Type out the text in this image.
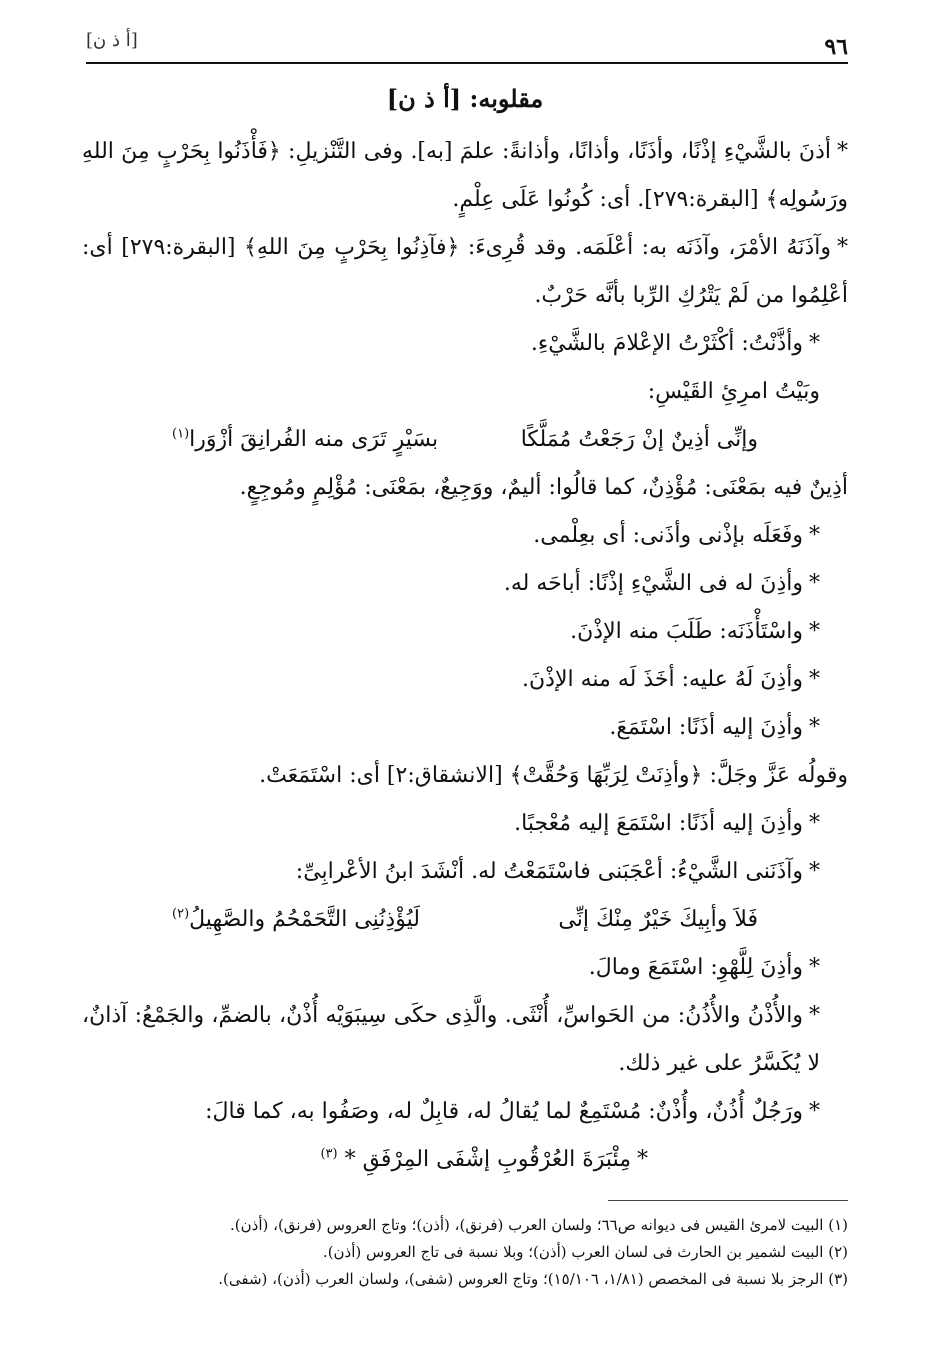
٩٦
[أ ذ ن]
مقلوبه: [أ ذ ن]

*أذنَ بالشَّيْءِ إذْنًا، وأذَنًا، وأذانًا، وأذانةً: علمَ [به]. وفى التَّنْزيلِ: ﴿فَأْذَنُوا بِحَرْبٍ مِنَ اللهِ ورَسُولِه﴾ [البقرة:٢٧٩]. أى: كُونُوا عَلَى عِلْمٍ.

*وآذَنَهُ الأمْرَ، وآذَنَه به: أعْلَمَه. وقد قُرِىءَ: ﴿فآذِنُوا بِحَرْبٍ مِنَ اللهِ﴾ [البقرة:٢٧٩] أى: أعْلِمُوا من لَمْ يَتْرُكِ الرِّبا بأنَّه حَرْبٌ.

*وأذَّنْتُ: أكْثَرْتُ الإعْلامَ بالشَّيْءِ.

وبَيْتُ امرِئِ القَيْسِ:

وإنِّى أذِينٌ إنْ رَجَعْتُ مُمَلَّكًا
بسَيْرٍ تَرَى منه الفُرانِقَ أزْوَرا$^{(١)}$

أذِينٌ فيه بمَعْنَى: مُؤْذِنٌ، كما قالُوا: أليمٌ، ووَجِيعٌ، بمَعْنَى: مُؤْلِمٍ ومُوجِعٍ.

*وفَعَلَه بإذْنى وأذَنى: أى بعِلْمى.

*وأذِنَ له فى الشَّيْءِ إذْنًا: أباحَه له.

*واسْتَأْذَنَه: طَلَبَ منه الإذْنَ.

*وأذِنَ لَهُ عليه: أخَذَ لَه منه الإذْنَ.

*وأذِنَ إليه أذَنًا: اسْتَمَعَ.

وقولُه عَزَّ وجَلَّ: ﴿وأذِنَتْ لِرَبِّهَا وَحُقَّتْ﴾ [الانشقاق:٢] أى: اسْتَمَعَتْ.

*وأذِنَ إليه أذَنًا: اسْتَمَعَ إليه مُعْجبًا.

*وآذَنَنى الشَّيْءُ: أعْجَبَنى فاسْتَمَعْتُ له. أنْشَدَ ابنُ الأعْرابِىِّ:

فَلاَ وأبِيكَ خَيْرٌ مِنْكَ إنِّى
لَيُؤْذِنُنِى التَّحَمْحُمُ والصَّهِيلُ$^{(٢)}$

*وأذِنَ لِلَّهْوِ: اسْتَمَعَ ومالَ.

*والأُذْنُ والأُذُنُ: من الحَواسِّ، أُنْثَى. والَّذِى حكَى سِيبَوَيْه أُذْنٌ، بالضمِّ، والجَمْعُ: آذانٌ، لا يُكَسَّرُ على غير ذلك.

*ورَجُلٌ أُذُنٌ، وأُذْنٌ: مُسْتَمِعٌ لما يُقالُ له، قابِلٌ له، وصَفُوا به، كما قالَ:

*مِئْبَرَةَ العُرْقُوبِ إشْفَى المِرْفَقِ * $^{(٣)}$

(١) البيت لامرئ القيس فى ديوانه ص٦٦؛ ولسان العرب (فرنق)، (أذن)؛ وتاج العروس (فرنق)، (أذن).

(٢) البيت لشمير بن الحارث فى لسان العرب (أذن)؛ وبلا نسبة فى تاج العروس (أذن).

(٣) الرجز بلا نسبة فى المخصص (١/٨١، ١٥/١٠٦)؛ وتاج العروس (شفى)، ولسان العرب (أذن)، (شفى).
